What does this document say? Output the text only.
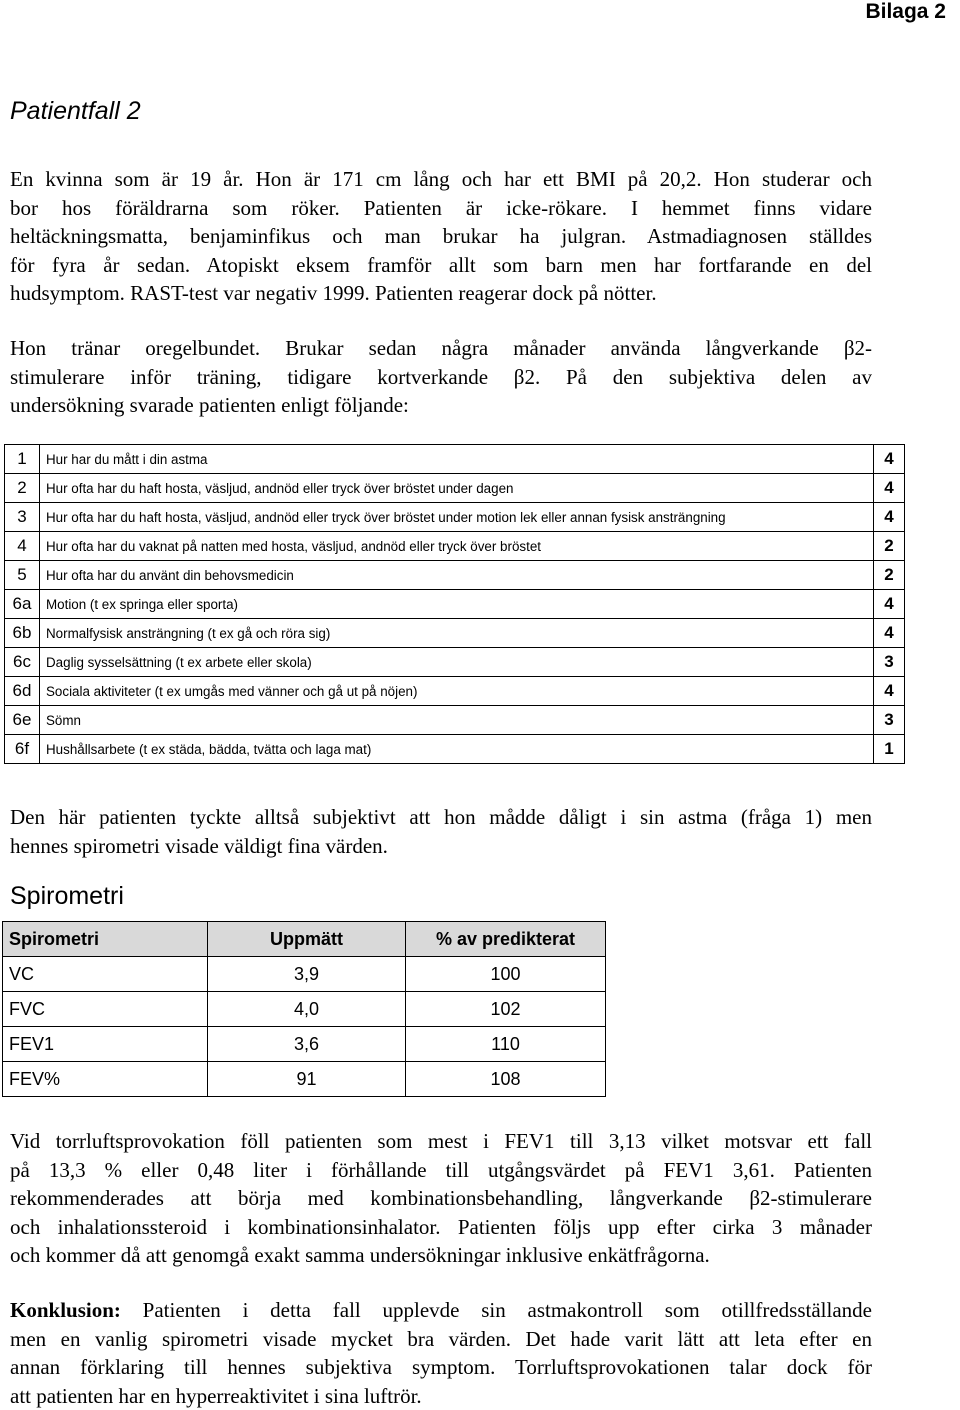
Bilaga 2
Patientfall 2
En kvinna som är 19 år. Hon är 171 cm lång och har ett BMI på 20,2. Hon studerar och
bor hos föräldrarna som röker. Patienten är icke-rökare. I hemmet finns vidare
heltäckningsmatta, benjaminfikus och man brukar ha julgran. Astmadiagnosen ställdes
för fyra år sedan. Atopiskt eksem framför allt som barn men har fortfarande en del
hudsymptom. RAST-test var negativ 1999. Patienten reagerar dock på nötter.
Hon tränar oregelbundet. Brukar sedan några månader använda långverkande β2-
stimulerare inför träning, tidigare kortverkande β2. På den subjektiva delen av
undersökning svarade patienten enligt följande:
1	Hur har du mått i din astma	4
2	Hur ofta har du haft hosta, väsljud, andnöd eller tryck över bröstet under dagen	4
3	Hur ofta har du haft hosta, väsljud, andnöd eller tryck över bröstet under motion lek eller annan fysisk ansträngning	4
4	Hur ofta har du vaknat på natten med hosta, väsljud, andnöd eller tryck över bröstet	2
5	Hur ofta har du använt din behovsmedicin	2
6a	Motion (t ex springa eller sporta)	4
6b	Normalfysisk ansträngning (t ex gå och röra sig)	4
6c	Daglig sysselsättning (t ex arbete eller skola)	3
6d	Sociala aktiviteter (t ex umgås med vänner och gå ut på nöjen)	4
6e	Sömn	3
6f	Hushållsarbete (t ex städa, bädda, tvätta och laga mat)	1
Den här patienten tyckte alltså subjektivt att hon mådde dåligt i sin astma (fråga 1) men
hennes spirometri visade väldigt fina värden.
Spirometri
Spirometri	Uppmätt	% av predikterat
VC	3,9	100
FVC	4,0	102
FEV1	3,6	110
FEV%	91	108
Vid torrluftsprovokation föll patienten som mest i FEV1 till 3,13 vilket motsvar ett fall
på 13,3 % eller 0,48 liter i förhållande till utgångsvärdet på FEV1 3,61. Patienten
rekommenderades att börja med kombinationsbehandling, långverkande β2-stimulerare
och inhalationssteroid i kombinationsinhalator. Patienten följs upp efter cirka 3 månader
och kommer då att genomgå exakt samma undersökningar inklusive enkätfrågorna.
Konklusion: Patienten i detta fall upplevde sin astmakontroll som otillfredsställande
men en vanlig spirometri visade mycket bra värden. Det hade varit lätt att leta efter en
annan förklaring till hennes subjektiva symptom. Torrluftsprovokationen talar dock för
att patienten har en hyperreaktivitet i sina luftrör.
